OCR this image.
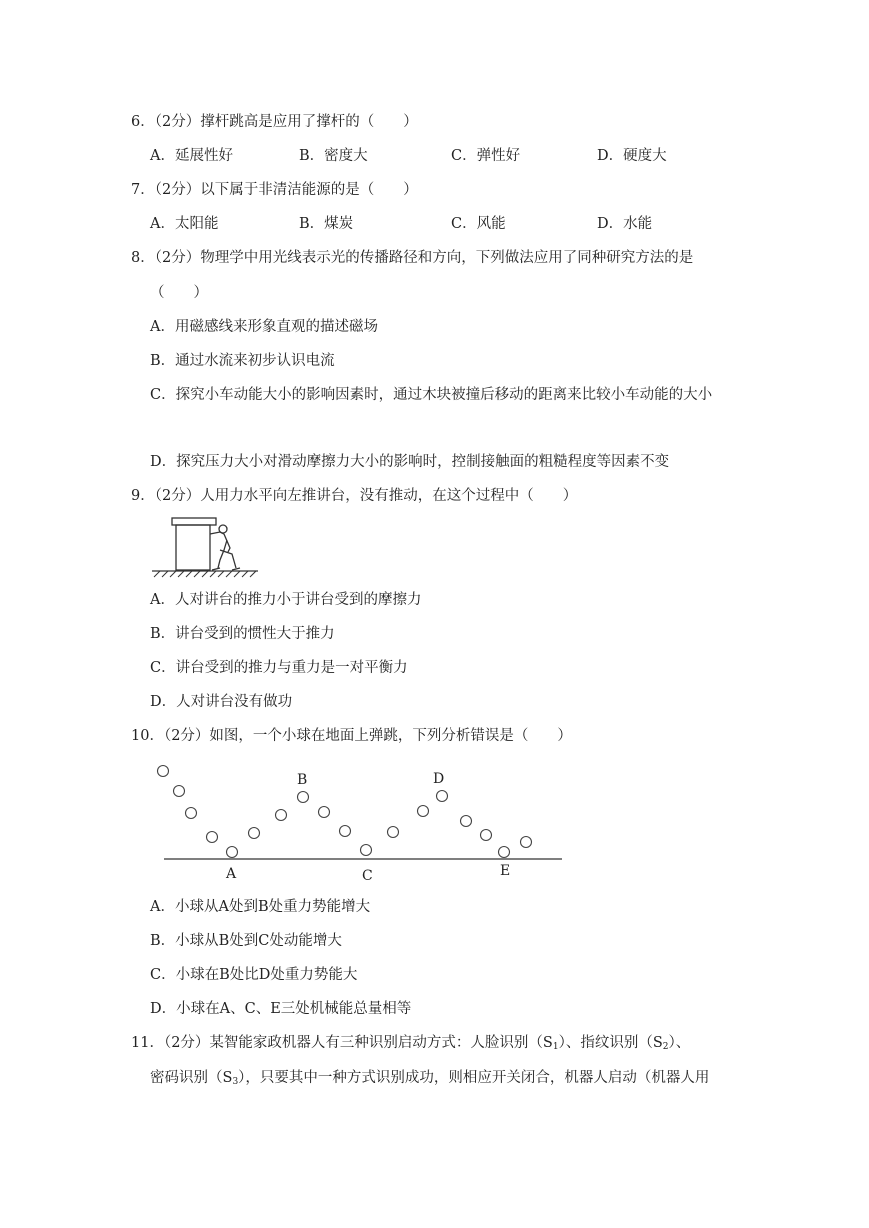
6．（2分）撑杆跳高是应用了撑杆的（　　）
A．延展性好	B．密度大	C．弹性好	D．硬度大
7．（2分）以下属于非清洁能源的是（　　）
A．太阳能	B．煤炭	C．风能	D．水能
8．（2分）物理学中用光线表示光的传播路径和方向，下列做法应用了同种研究方法的是
（　　）
A．用磁感线来形象直观的描述磁场
B．通过水流来初步认识电流
C．探究小车动能大小的影响因素时，通过木块被撞后移动的距离来比较小车动能的大小
D．探究压力大小对滑动摩擦力大小的影响时，控制接触面的粗糙程度等因素不变
9．（2分）人用力水平向左推讲台，没有推动，在这个过程中（　　）
A．人对讲台的推力小于讲台受到的摩擦力
B．讲台受到的惯性大于推力
C．讲台受到的推力与重力是一对平衡力
D．人对讲台没有做功
10．（2分）如图，一个小球在地面上弹跳，下列分析错误是（　　）
A
B
C
D
E
A．小球从A处到B处重力势能增大
B．小球从B处到C处动能增大
C．小球在B处比D处重力势能大
D．小球在A、C、E三处机械能总量相等
11．（2分）某智能家政机器人有三种识别启动方式：人脸识别$(S_1)$、指纹识别$(S_2)$、
密码识别$(S_3)$，只要其中一种方式识别成功，则相应开关闭合，机器人启动（机器人用
